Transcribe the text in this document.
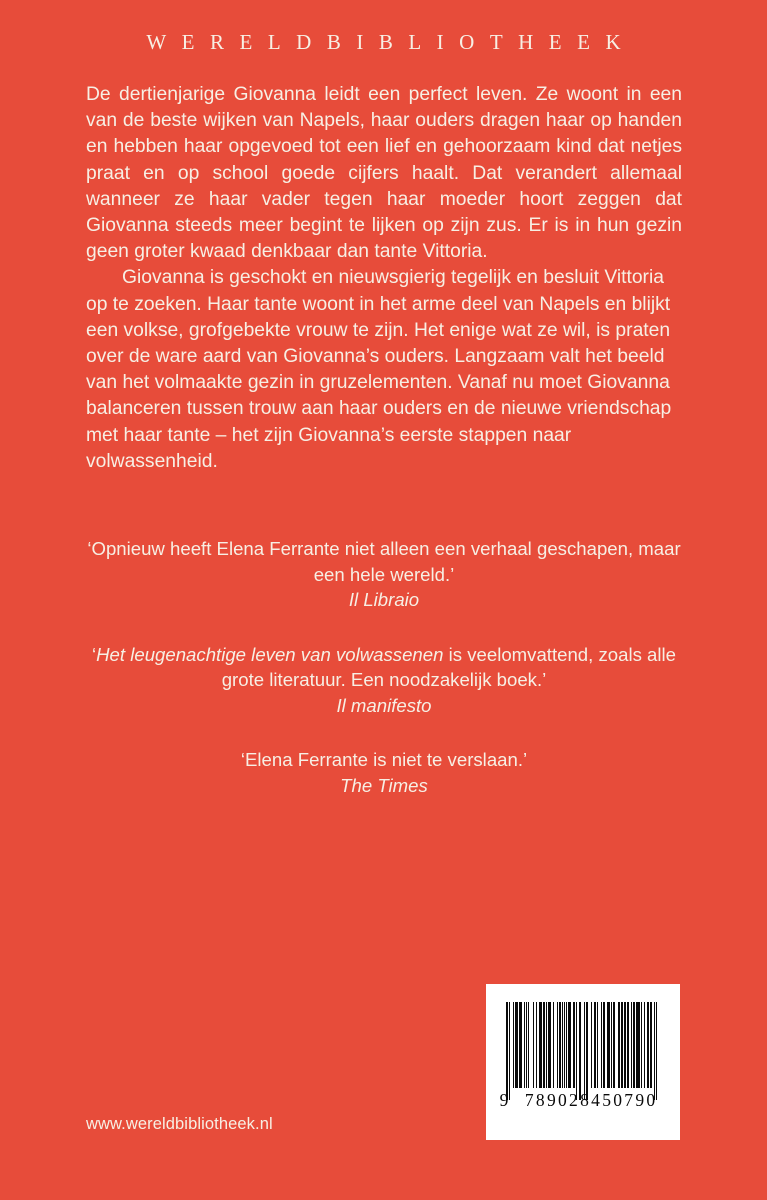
WERELDBIBLIOTHEEK

De dertienjarige Giovanna leidt een perfect leven. Ze woont in een van de beste wijken van Napels, haar ouders dragen haar op handen en hebben haar opgevoed tot een lief en gehoorzaam kind dat netjes praat en op school goede cijfers haalt. Dat verandert allemaal wanneer ze haar vader tegen haar moeder hoort zeggen dat Giovanna steeds meer begint te lijken op zijn zus. Er is in hun gezin geen groter kwaad denkbaar dan tante Vittoria.

Giovanna is geschokt en nieuwsgierig tegelijk en besluit Vittoria op te zoeken. Haar tante woont in het arme deel van Napels en blijkt een volkse, grofgebekte vrouw te zijn. Het enige wat ze wil, is praten over de ware aard van Giovanna’s ouders. Langzaam valt het beeld van het volmaakte gezin in gruzelementen. Vanaf nu moet Giovanna balanceren tussen trouw aan haar ouders en de nieuwe vriendschap met haar tante – het zijn Giovanna’s eerste stappen naar volwassenheid.

‘Opnieuw heeft Elena Ferrante niet alleen een verhaal geschapen, maar een hele wereld.’
Il Libraio
‘Het leugenachtige leven van volwassenen is veelomvattend, zoals alle grote literatuur. Een noodzakelijk boek.’
Il manifesto
‘Elena Ferrante is niet te verslaan.’
The Times
www.wereldbibliotheek.nl
9 789028450790
